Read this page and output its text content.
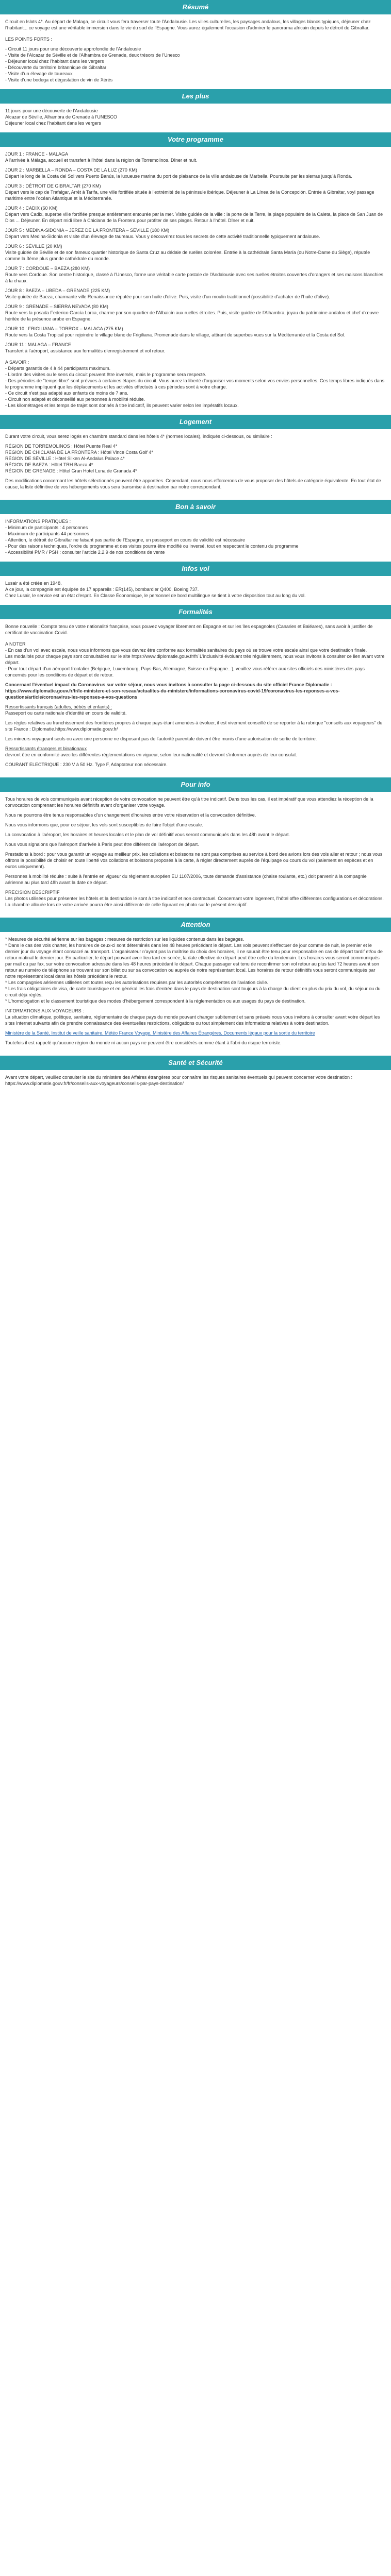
Résumé

Circuit en Islots 4*. Au départ de Malaga, ce circuit vous fera traverser toute l'Andalousie. Les villes culturelles, les paysages andalous, les villages blancs typiques, déjeuner chez l'habitant... ce voyage est une véritable immersion dans le vie du sud de l'Espagne. Vous aurez également l'occasion d'admirer le panorama africain depuis le détroit de Gibraltar.

LES POINTS FORTS :

- Circuit 11 jours pour une découverte approfondie de l'Andalousie
- Visite de l'Alcazar de Séville et de l'Alhambra de Grenade, deux trésors de l'Unesco
- Déjeuner local chez l'habitant dans les vergers
- Découverte du territoire britannique de Gibraltar
- Visite d'un élevage de taureaux
- Visite d'une bodega et dégustation de vin de Xérès
Les plus
11 jours pour une découverte de l'Andalousie
Alcazar de Séville, Alhambra de Grenade à l'UNESCO
Déjeuner local chez l'habitant dans les vergers
Votre programme

JOUR 1 : FRANCE - MALAGA

A l'arrivée à Málaga, accueil et transfert à l'hôtel dans la région de Torremolinos. Dîner et nuit.

JOUR 2 : MARBELLA – RONDA – COSTA DE LA LUZ (270 KM)

Départ le long de la Costa del Sol vers Puerto Banús, la luxueuse marina du port de plaisance de la ville andalouse de Marbella. Poursuite par les sierras jusqu'à Ronda.

JOUR 3 : DÉTROIT DE GIBRALTAR (270 KM)

Départ vers le cap de Trafalgar, Arrêt à Tarifa, une ville fortifiée située à l'extrémité de la péninsule ibérique. Déjeuner à La Línea de la Concepción. Entrée à Gibraltar, voyl passage maritime entre l'océan Atlantique et la Méditerranée.

JOUR 4 : CADIX (60 KM)

Départ vers Cadix, superbe ville fortifiée presque entièrement entourée par la mer. Visite guidée de la ville : la porte de la Terre, la plage populaire de la Caleta, la place de San Juan de Dios ... Déjeuner. En départ midi libre à Chiclana de la Frontera pour profiter de ses plages. Retour à l'hôtel. Dîner et nuit.

JOUR 5 : MEDINA-SIDONIA – JEREZ DE LA FRONTERA – SÉVILLE (180 KM)

Départ vers Medina-Sidonia et visite d'un élevage de taureaux. Vous y découvrirez tous les secrets de cette activité traditionnelle typiquement andalouse.

JOUR 6 : SÉVILLE (20 KM)

Visite guidée de Séville et de son fameux quartier historique de Santa Cruz au dédale de ruelles colorées. Entrée à la cathédrale Santa María (ou Notre-Dame du Siège), réputée comme la 3ème plus grande cathédrale du monde.

JOUR 7 : CORDOUE – BAEZA (280 KM)

Route vers Cordoue. Son centre historique, classé à l'Unesco, forme une véritable carte postale de l'Andalousie avec ses ruelles étroites couvertes d'orangers et ses maisons blanchies à la chaux.

JOUR 8 : BAEZA – UBEDA – GRENADE (225 KM)

Visite guidée de Baeza, charmante ville Renaissance réputée pour son huile d'olive. Puis, visite d'un moulin traditionnel (possibilité d'achater de l'huile d'olive).

JOUR 9 : GRENADE – SIERRA NEVADA (80 KM)

Route vers la posada Federico García Lorca, charme par son quartier de l'Albaicín aux ruelles étroites. Puis, visite guidée de l'Alhambra, joyau du patrimoine andalou et chef d'œuvre héritée de la présence arabe en Espagne.

JOUR 10 : FRIGILIANA – TORROX – MALAGA (275 KM)

Route vers la Costa Tropical pour rejoindre le village blanc de Frigiliana. Promenade dans le village, attirant de superbes vues sur la Méditerranée et la Costa del Sol.

JOUR 11 : MALAGA – FRANCE

Transfert à l'aéroport, assistance aux formalités d'enregistrement et vol retour.

A SAVOIR :

- Départs garantis de 4 à 44 participants maximum.
- L'ordre des visites ou le sens du circuit peuvent être inversés, mais le programme sera respecté.
- Des périodes de "temps-libre" sont prévues à certaines étapes du circuit. Vous aurez la liberté d'organiser vos moments selon vos envies personnelles. Ces temps libres indiqués dans le programme impliquent que les déplacements et les activités effectués à ces périodes sont à votre charge.
- Ce circuit n'est pas adapté aux enfants de moins de 7 ans.
- Circuit non adapté et déconseillé aux personnes à mobilité réduite.
- Les kilométrages et les temps de trajet sont donnés à titre indicatif, ils peuvent varier selon les impératifs locaux.
Logement

Durant votre circuit, vous serez logés en chambre standard dans les hôtels 4* (normes locales), indiqués ci-dessous, ou similaire :

RÉGION DE TORREMOLINOS : Hôtel Puente Real 4*
RÉGION DE CHICLANA DE LA FRONTERA : Hôtel Vince Costa Golf 4*
RÉGION DE SÉVILLE : Hôtel Silken Al-Andalus Palace 4*
RÉGION DE BAEZA : Hôtel TRH Baeza 4*
RÉGION DE GRENADE : Hôtel Gran Hotel Luna de Granada 4*

Des modifications concernant les hôtels sélectionnés peuvent être apportées. Cependant, nous nous efforcerons de vous proposer des hôtels de catégorie équivalente. En tout état de cause, la liste définitive de vos hébergements vous sera transmise à destination par notre correspondant.

Bon à savoir
INFORMATIONS PRATIQUES :
- Minimum de participants : 4 personnes
- Maximum de participants 44 personnes
- Attention, le détroit de Gibraltar ne faisant pas partie de l'Espagne, un passeport en cours de validité est nécessaire
- Pour des raisons techniques, l'ordre du programme et des visites pourra être modifié ou inversé, tout en respectant le contenu du programme
- Accessibilité PMR / PSH : consulter l'article 2.2.9 de nos conditions de vente
Infos vol
Lusair a été créée en 1948.
A ce jour, la compagnie est équipée de 17 appareils : ER(145), bombardier Q400, Boeing 737.
Chez Lusair, le service est un état d'esprit. En Classe Économique, le personnel de bord multilingue se tient à votre disposition tout au long du vol.
Formalités

Bonne nouvelle : Compte tenu de votre nationalité française, vous pouvez voyager librement en Espagne et sur les îles espagnoles (Canaries et Baléares), sans avoir à justifier de certificat de vaccination Covid.

A NOTER

- En cas d'un vol avec escale, nous vous informons que vous devrez être conforme aux formalités sanitaires du pays où se trouve votre escale ainsi que votre destination finale.
Les modalités pour chaque pays sont consultables sur le site https://www.diplomatie.gouv.fr/fr/ L'inclusivité évoluant très régulièrement, nous vous invitons à consulter ce lien avant votre départ.
- Pour tout départ d'un aéroport frontalier (Belgique, Luxembourg, Pays-Bas, Allemagne, Suisse ou Espagne...), veuillez vous référer aux sites officiels des ministères des pays concernés pour les conditions de départ et de retour.

Concernant l'éventuel impact du Coronavirus sur votre séjour, nous vous invitons à consulter la page ci-dessous du site officiel France Diplomatie : https://www.diplomatie.gouv.fr/fr/le-ministere-et-son-reseau/actualites-du-ministere/informations-coronavirus-covid-19/coronavirus-les-reponses-a-vos-questions/article/coronavirus-les-reponses-a-vos-questions

Ressortissants français (adultes, bébés et enfants) :

Passeport ou carte nationale d'identité en cours de validité.

Les règles relatives au franchissement des frontières propres à chaque pays étant amenées à évoluer, il est vivement conseillé de se reporter à la rubrique "conseils aux voyageurs" du site France : Diplomatie.https://www.diplomatie.gouv.fr/

Les mineurs voyageant seuls ou avec une personne ne disposant pas de l'autorité parentale doivent être munis d'une autorisation de sortie de territoire.

Ressortissants étrangers et binationaux

devront être en conformité avec les différentes réglementations en vigueur, selon leur nationalité et devront s'informer auprès de leur consulat.

COURANT ELECTRIQUE : 230 V à 50 Hz. Type F, Adaptateur non nécessaire.

Pour info

Tous horaires de vols communiqués avant réception de votre convocation ne peuvent être qu'à titre indicatif. Dans tous les cas, il est impératif que vous attendiez la réception de la convocation comprenant les horaires définitifs avant d'organiser votre voyage.

Nous ne pourrons être tenus responsables d'un changement d'horaires entre votre réservation et la convocation définitive.

Nous vous informons que, pour ce séjour, les vols sont susceptibles de faire l'objet d'une escale.

La convocation à l'aéroport, les horaires et heures locales et le plan de vol définitif vous seront communiqués dans les 48h avant le départ.

Nous vous signalons que l'aéroport d'arrivée à Paris peut être différent de l'aéroport de départ.

Prestations à bord : pour vous garantir un voyage au meilleur prix, les collations et boissons ne sont pas comprises au service à bord des avions lors des vols aller et retour ; nous vous offrons la possibilité de choisir en toute liberté vos collations et boissons proposés à la carte, à régler directement auprès de l'équipage ou cours du vol (paiement en espèces et en euros uniquement).

Personnes à mobilité réduite : suite à l'entrée en vigueur du règlement européen EU 1107/2006, toute demande d'assistance (chaise roulante, etc.) doit parvenir à la compagnie aérienne au plus tard 48h avant la date de départ.

PRÉCISION DESCRIPTIF

Les photos utilisées pour présenter les hôtels et la destination le sont à titre indicatif et non contractuel. Concernant votre logement, l'hôtel offre différentes configurations et décorations. La chambre allouée lors de votre arrivée pourra être ainsi différente de celle figurant en photo sur le présent descriptif.

Attention
* Mesures de sécurité aérienne sur les bagages : mesures de restriction sur les liquides contenus dans les bagages.
* Dans le cas des vols charter, les horaires de ceux-ci sont déterminés dans les 48 heures précédant le départ. Les vols peuvent s'effectuer de jour comme de nuit, le premier et le dernier jour du voyage étant consacré au transport. L'organisateur n'ayant pas la maîtrise du choix des horaires, il ne saurait être tenu pour responsable en cas de départ tardif et/ou de retour matinal le dernier jour. En particulier, le départ pouvant avoir lieu tard en soirée, la date effective de départ peut être celle du lendemain. Les horaires vous seront communiqués par mail ou par fax, sur votre convocation adressée dans les 48 heures précédant le départ. Chaque passager est tenu de reconfirmer son vol retour au plus tard 72 heures avant son retour au numéro de téléphone se trouvant sur son billet ou sur sa convocation ou auprès de notre représentant local. Les horaires de retour définitifs vous seront communiqués par notre représentant local dans les hôtels précédant le retour.
* Les compagnies aériennes utilisées ont toutes reçu les autorisations requises par les autorités compétentes de l'aviation civile.
* Les frais obligatoires de visa, de carte touristique et en général les frais d'entrée dans le pays de destination sont toujours à la charge du client en plus du prix du vol, du séjour ou du circuit déjà réglés.
* L'homologation et le classement touristique des modes d'hébergement correspondent à la réglementation ou aux usages du pays de destination.
INFORMATIONS AUX VOYAGEURS :

La situation climatique, politique, sanitaire, réglementaire de chaque pays du monde pouvant changer subitement et sans préavis nous vous invitons à consulter avant votre départ les sites Internet suivants afin de prendre connaissance des éventuelles restrictions, obligations ou tout simplement des informations relatives à votre destination.

Ministère de la Santé, Institut de veille sanitaire, Météo France Voyage, Ministère des Affaires Étrangères, Documents légaux pour la sortie du territoire

Toutefois il est rappelé qu'aucune région du monde ni aucun pays ne peuvent être considérés comme étant à l'abri du risque terroriste.

Santé et Sécurité

Avant votre départ, veuillez consulter le site du ministère des Affaires étrangères pour connaître les risques sanitaires éventuels qui peuvent concerner votre destination : https://www.diplomatie.gouv.fr/fr/conseils-aux-voyageurs/conseils-par-pays-destination/
